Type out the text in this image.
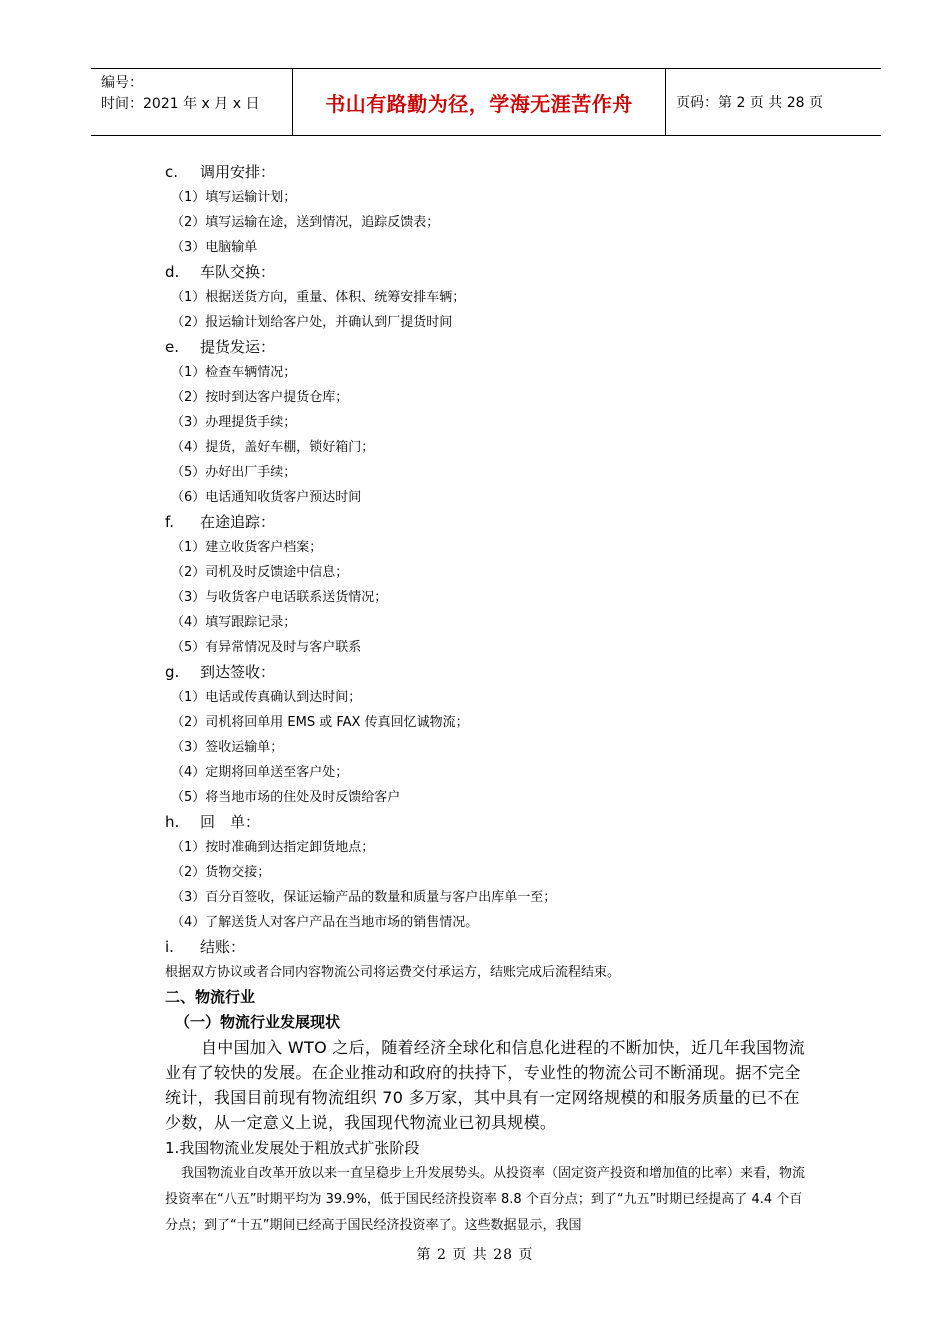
编号：
时间：2021 年 x 月 x 日	书山有路勤为径，学海无涯苦作舟	页码：第 2 页 共 28 页
c. 调用安排：
（1）填写运输计划；
（2）填写运输在途，送到情况，追踪反馈表；
（3）电脑输单
d. 车队交换：
（1）根据送货方向，重量、体积、统筹安排车辆；
（2）报运输计划给客户处，并确认到厂提货时间
e. 提货发运：
（1）检查车辆情况；
（2）按时到达客户提货仓库；
（3）办理提货手续；
（4）提货，盖好车棚，锁好箱门；
（5）办好出厂手续；
（6）电话通知收货客户预达时间
f. 在途追踪：
（1）建立收货客户档案；
（2）司机及时反馈途中信息；
（3）与收货客户电话联系送货情况；
（4）填写跟踪记录；
（5）有异常情况及时与客户联系
g. 到达签收：
（1）电话或传真确认到达时间；
（2）司机将回单用 EMS 或 FAX 传真回忆诚物流；
（3）签收运输单；
（4）定期将回单送至客户处；
（5）将当地市场的住处及时反馈给客户
h. 回　单：
（1）按时准确到达指定卸货地点；
（2）货物交接；
（3）百分百签收，保证运输产品的数量和质量与客户出库单一至；
（4）了解送货人对客户产品在当地市场的销售情况。
i. 结账：
根据双方协议或者合同内容物流公司将运费交付承运方，结账完成后流程结束。
二、物流行业
（一）物流行业发展现状
自中国加入 WTO 之后，随着经济全球化和信息化进程的不断加快，近几年我国物流业有了较快的发展。在企业推动和政府的扶持下，专业性的物流公司不断涌现。据不完全统计，我国目前现有物流组织 70 多万家，其中具有一定网络规模的和服务质量的已不在少数，从一定意义上说，我国现代物流业已初具规模。
1.我国物流业发展处于粗放式扩张阶段
我国物流业自改革开放以来一直呈稳步上升发展势头。从投资率（固定资产投资和增加值的比率）来看，物流投资率在“八五”时期平均为 39.9%，低于国民经济投资率 8.8 个百分点；到了“九五”时期已经提高了 4.4 个百分点；到了“十五”期间已经高于国民经济投资率了。这些数据显示，我国
第 2 页 共 28 页
